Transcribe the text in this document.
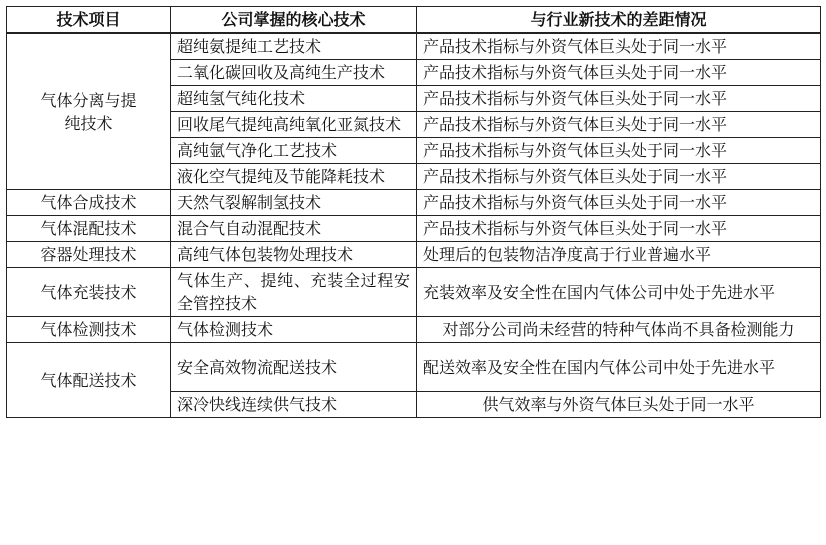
技术项目	公司掌握的核心技术	与行业新技术的差距情况
气体分离与提纯技术	超纯氨提纯工艺技术	产品技术指标与外资气体巨头处于同一水平
	二氧化碳回收及高纯生产技术	产品技术指标与外资气体巨头处于同一水平
	超纯氢气纯化技术	产品技术指标与外资气体巨头处于同一水平
	回收尾气提纯高纯氧化亚氮技术	产品技术指标与外资气体巨头处于同一水平
	高纯氩气净化工艺技术	产品技术指标与外资气体巨头处于同一水平
	液化空气提纯及节能降耗技术	产品技术指标与外资气体巨头处于同一水平
气体合成技术	天然气裂解制氢技术	产品技术指标与外资气体巨头处于同一水平
气体混配技术	混合气自动混配技术	产品技术指标与外资气体巨头处于同一水平
容器处理技术	高纯气体包装物处理技术	处理后的包装物洁净度高于行业普遍水平
气体充装技术	气体生产、提纯、充装全过程安全管控技术	充装效率及安全性在国内气体公司中处于先进水平
气体检测技术	气体检测技术	对部分公司尚未经营的特种气体尚不具备检测能力
气体配送技术	安全高效物流配送技术	配送效率及安全性在国内气体公司中处于先进水平
	深冷快线连续供气技术	供气效率与外资气体巨头处于同一水平
